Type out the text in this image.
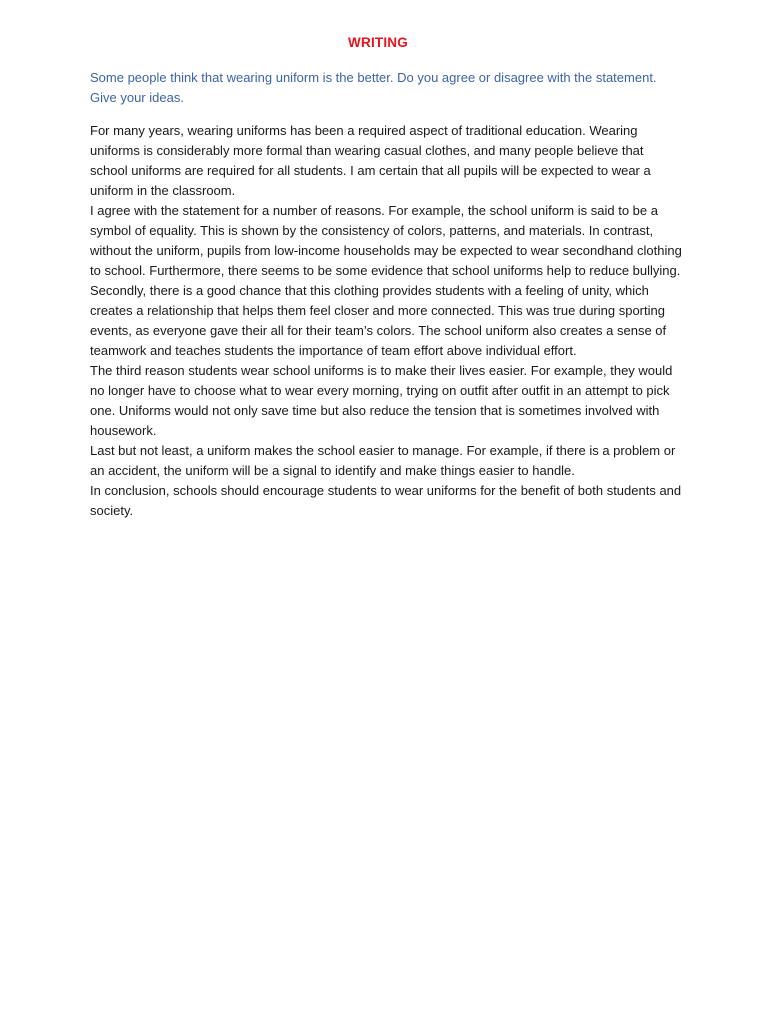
WRITING
Some people think that wearing uniform is the better. Do you agree or disagree with the statement. Give your ideas.

For many years, wearing uniforms has been a required aspect of traditional education. Wearing uniforms is considerably more formal than wearing casual clothes, and many people believe that school uniforms are required for all students. I am certain that all pupils will be expected to wear a uniform in the classroom.

I agree with the statement for a number of reasons. For example, the school uniform is said to be a symbol of equality. This is shown by the consistency of colors, patterns, and materials. In contrast, without the uniform, pupils from low-income households may be expected to wear secondhand clothing to school. Furthermore, there seems to be some evidence that school uniforms help to reduce bullying.

Secondly, there is a good chance that this clothing provides students with a feeling of unity, which creates a relationship that helps them feel closer and more connected. This was true during sporting events, as everyone gave their all for their team’s colors. The school uniform also creates a sense of teamwork and teaches students the importance of team effort above individual effort.

The third reason students wear school uniforms is to make their lives easier. For example, they would no longer have to choose what to wear every morning, trying on outfit after outfit in an attempt to pick one. Uniforms would not only save time but also reduce the tension that is sometimes involved with housework.

Last but not least, a uniform makes the school easier to manage. For example, if there is a problem or an accident, the uniform will be a signal to identify and make things easier to handle.

In conclusion, schools should encourage students to wear uniforms for the benefit of both students and society.
